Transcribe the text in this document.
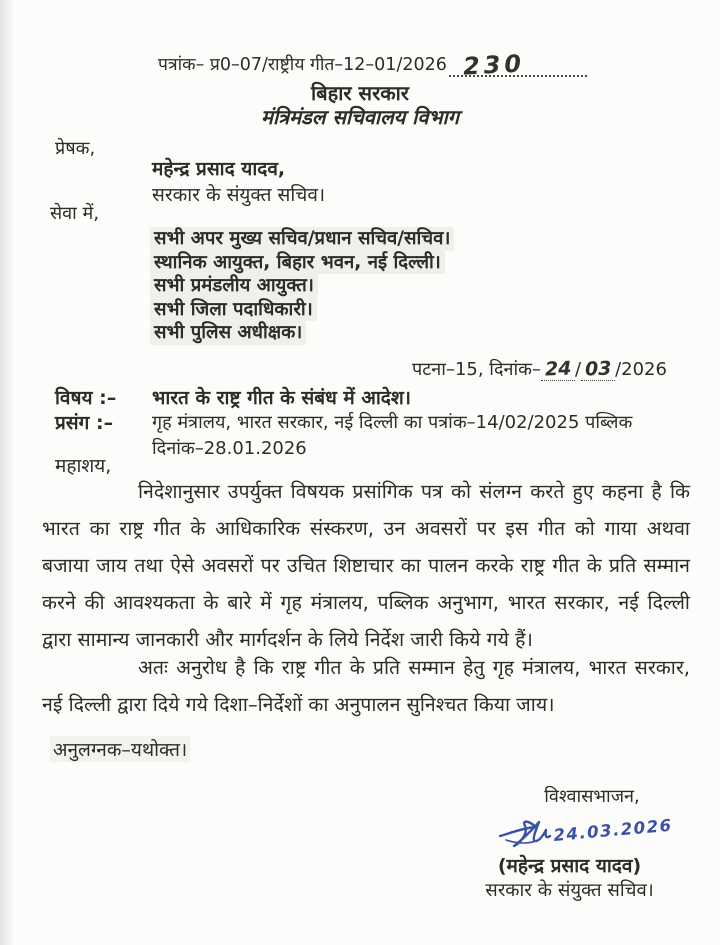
पत्रांक– प्र0–07/राष्ट्रीय गीत–12–01/2026 230
बिहार सरकार
मंत्रिमंडल सचिवालय विभाग
प्रेषक,
महेन्द्र प्रसाद यादव,
सरकार के संयुक्त सचिव।
सेवा में,
सभी अपर मुख्य सचिव/प्रधान सचिव/सचिव।
स्थानिक आयुक्त, बिहार भवन, नई दिल्ली।
सभी प्रमंडलीय आयुक्त।
सभी जिला पदाधिकारी।
सभी पुलिस अधीक्षक।
पटना–15, दिनांक– 24 / 03 /2026
विषय :– भारत के राष्ट्र गीत के संबंध में आदेश।
प्रसंग :– गृह मंत्रालय, भारत सरकार, नई दिल्ली का पत्रांक–14/02/2025 पब्लिक
दिनांक–28.01.2026
महाशय,
निदेशानुसार उपर्युक्त विषयक प्रसांगिक पत्र को संलग्न करते हुए कहना है कि भारत का राष्ट्र गीत के आधिकारिक संस्करण, उन अवसरों पर इस गीत को गाया अथवा बजाया जाय तथा ऐसे अवसरों पर उचित शिष्टाचार का पालन करके राष्ट्र गीत के प्रति सम्मान करने की आवश्यकता के बारे में गृह मंत्रालय, पब्लिक अनुभाग, भारत सरकार, नई दिल्ली द्वारा सामान्य जानकारी और मार्गदर्शन के लिये निर्देश जारी किये गये हैं।
अतः अनुरोध है कि राष्ट्र गीत के प्रति सम्मान हेतु गृह मंत्रालय, भारत सरकार, नई दिल्ली द्वारा दिये गये दिशा–निर्देशों का अनुपालन सुनिश्चत किया जाय।
अनुलग्नक–यथोक्त।
विश्वासभाजन,
24.03.2026
(महेन्द्र प्रसाद यादव)
सरकार के संयुक्त सचिव।
